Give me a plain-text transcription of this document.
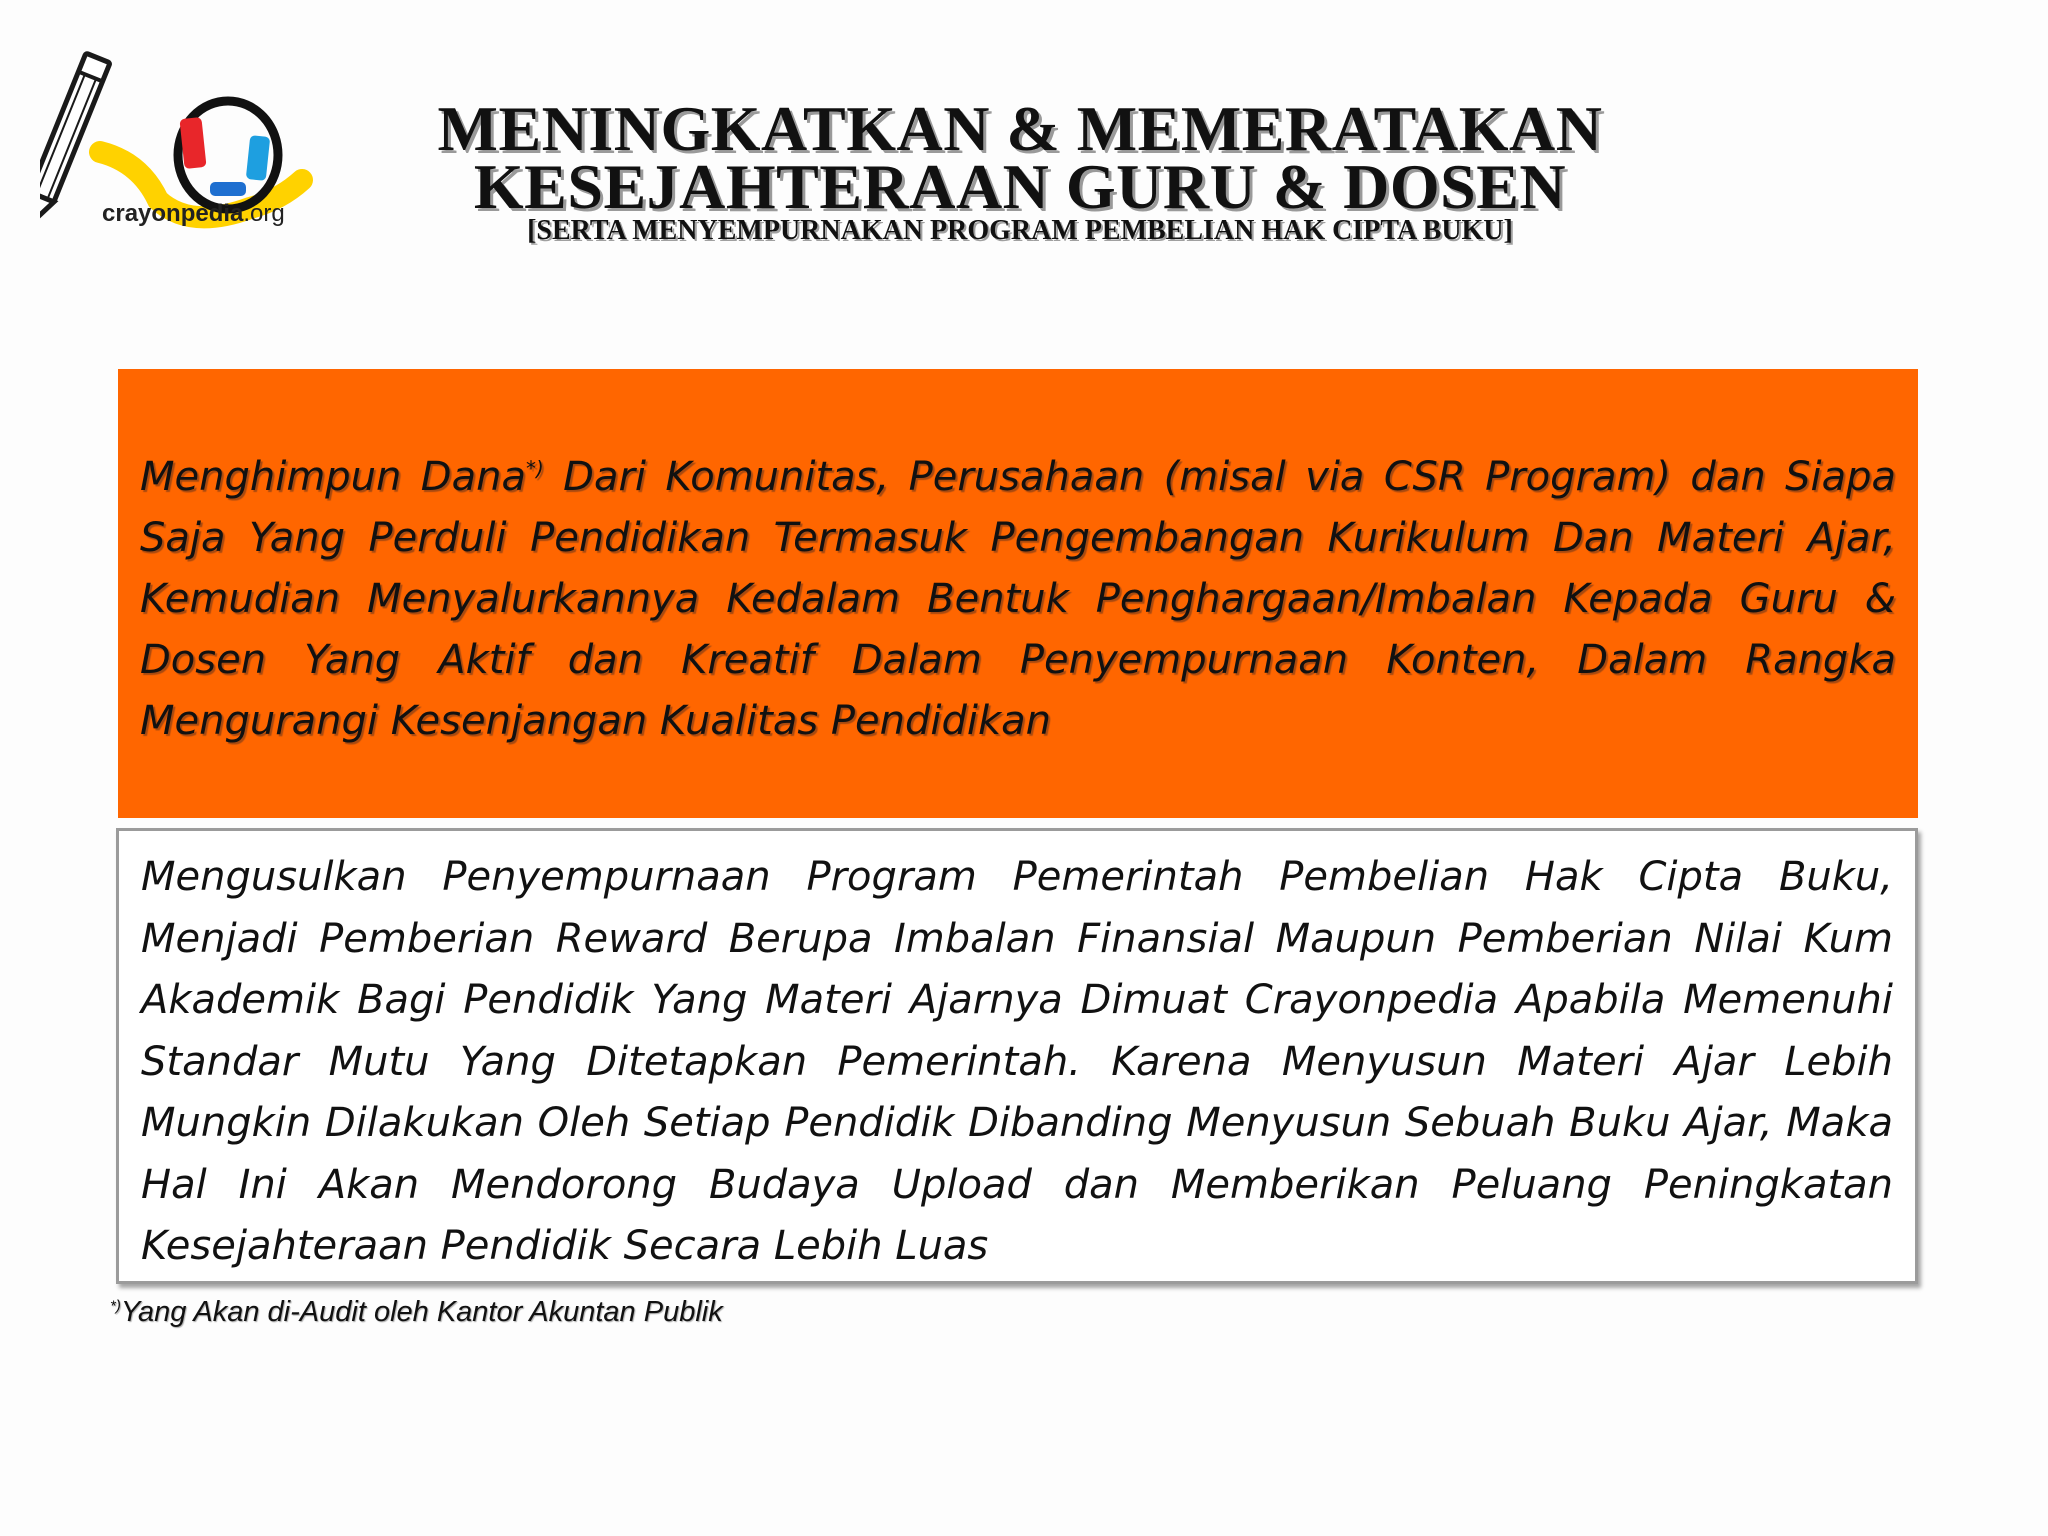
crayonpedia.org
MENINGKATKAN & MEMERATAKAN
KESEJAHTERAAN GURU & DOSEN
[SERTA MENYEMPURNAKAN PROGRAM PEMBELIAN HAK CIPTA BUKU]
Menghimpun Dana*) Dari Komunitas, Perusahaan (misal via CSR Program) dan Siapa Saja Yang Perduli Pendidikan Termasuk Pengembangan Kurikulum Dan Materi Ajar, Kemudian Menyalurkannya Kedalam Bentuk Penghargaan/Imbalan Kepada Guru & Dosen Yang Aktif dan Kreatif Dalam Penyempurnaan Konten, Dalam Rangka Mengurangi Kesenjangan Kualitas Pendidikan
Mengusulkan Penyempurnaan Program Pemerintah Pembelian Hak Cipta Buku, Menjadi Pemberian Reward Berupa Imbalan Finansial Maupun Pemberian Nilai Kum Akademik Bagi Pendidik Yang Materi Ajarnya Dimuat Crayonpedia Apabila Memenuhi Standar Mutu Yang Ditetapkan Pemerintah. Karena Menyusun Materi Ajar Lebih Mungkin Dilakukan Oleh Setiap Pendidik Dibanding Menyusun Sebuah Buku Ajar, Maka Hal Ini Akan Mendorong Budaya Upload dan Memberikan Peluang Peningkatan Kesejahteraan Pendidik Secara Lebih Luas
*)Yang Akan di-Audit oleh Kantor Akuntan Publik
